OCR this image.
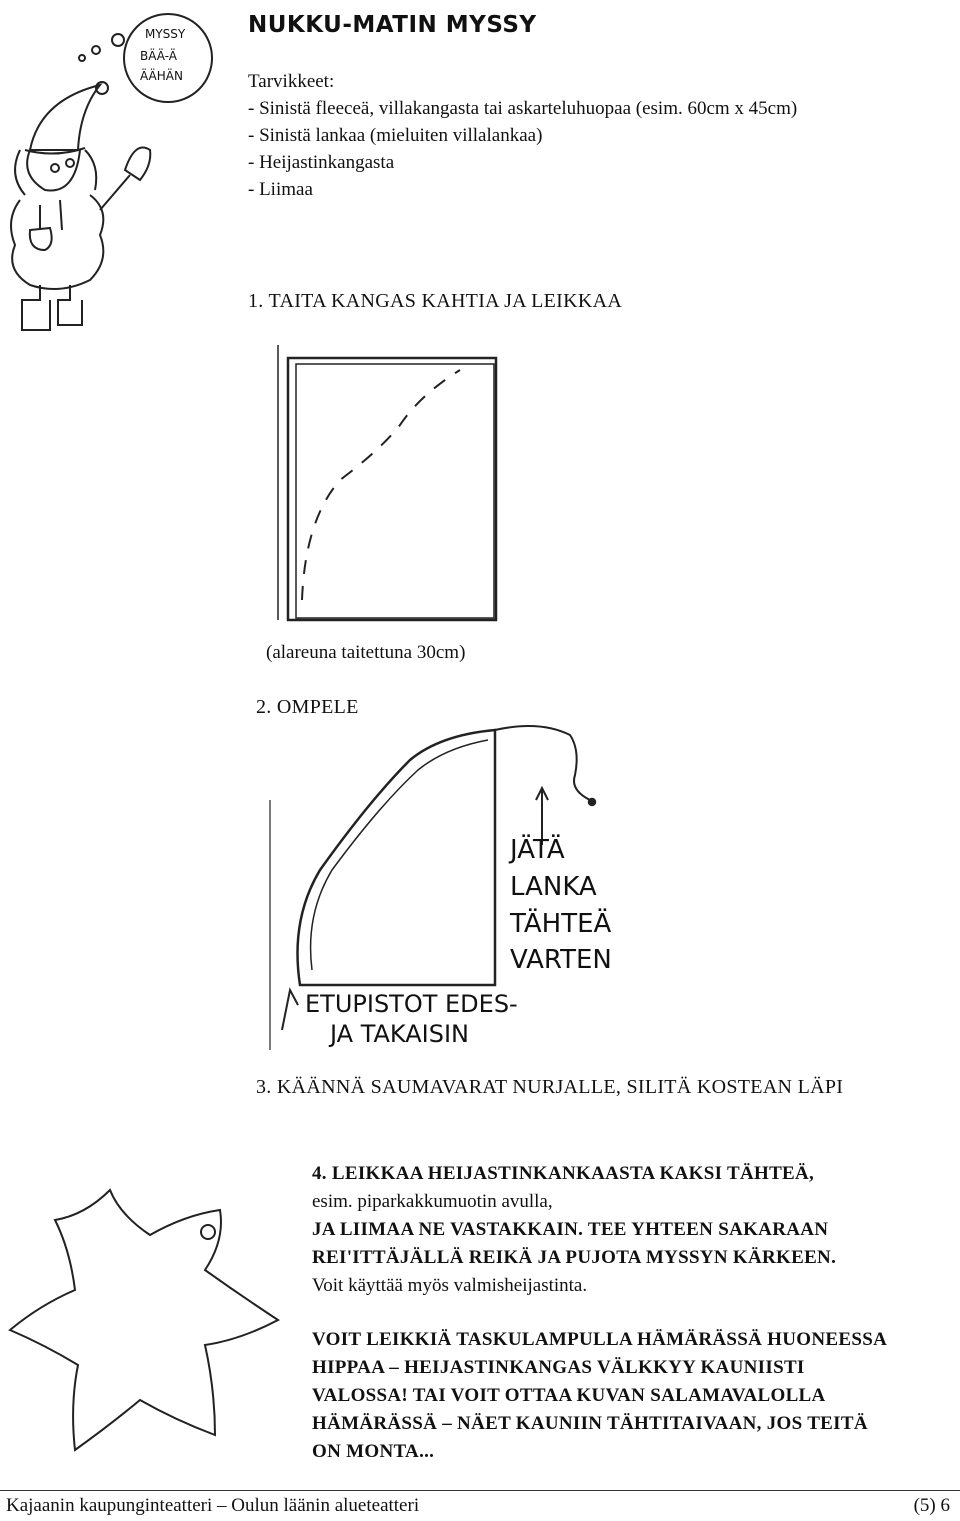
MYSSY
BÄÄ-Ä
ÄÄHÄN
NUKKU-MATIN MYSSY
Tarvikkeet:
- Sinistä fleeceä, villakangasta tai askarteluhuopaa (esim. 60cm x 45cm)
- Sinistä lankaa (mieluiten villalankaa)
- Heijastinkangasta
- Liimaa
1. TAITA KANGAS KAHTIA JA LEIKKAA
(alareuna taitettuna 30cm)
2. OMPELE
JÄTÄ
LANKA
TÄHTEÄ
VARTEN
ETUPISTOT EDES-
JA TAKAISIN
3. KÄÄNNÄ SAUMAVARAT NURJALLE, SILITÄ KOSTEAN LÄPI
4. LEIKKAA HEIJASTINKANKAASTA KAKSI TÄHTEÄ,
esim. piparkakkumuotin avulla,
JA LIIMAA NE VASTAKKAIN. TEE YHTEEN SAKARAAN
REI'ITTÄJÄLLÄ REIKÄ JA PUJOTA MYSSYN KÄRKEEN.
Voit käyttää myös valmisheijastinta.
VOIT LEIKKIÄ TASKULAMPULLA HÄMÄRÄSSÄ HUONEESSA
HIPPAA – HEIJASTINKANGAS VÄLKKYY KAUNIISTI
VALOSSA! TAI VOIT OTTAA KUVAN SALAMAVALOLLA
HÄMÄRÄSSÄ – NÄET KAUNIIN TÄHTITAIVAAN, JOS TEITÄ
ON MONTA...
Kajaanin kaupunginteatteri – Oulun läänin alueteatteri	(5) 6
